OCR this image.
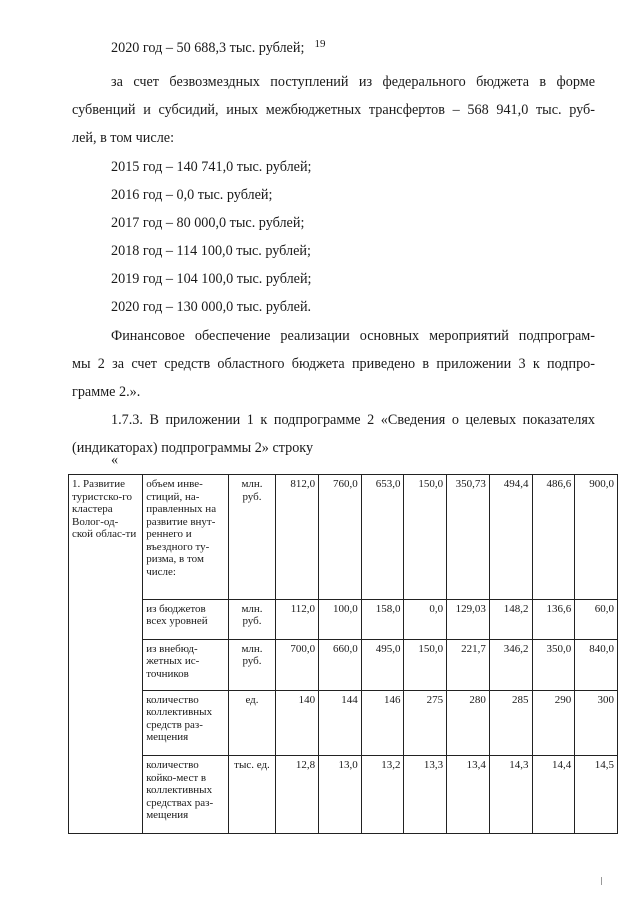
19
2020 год – 50 688,3 тыс. рублей;
за счет безвозмездных поступлений из федерального бюджета в форме
субвенций и субсидий, иных межбюджетных трансфертов – 568 941,0 тыс. руб-
лей, в том числе:
2015 год – 140 741,0 тыс. рублей;
2016 год – 0,0 тыс. рублей;
2017 год – 80 000,0 тыс. рублей;
2018 год – 114 100,0 тыс. рублей;
2019 год – 104 100,0 тыс. рублей;
2020 год – 130 000,0 тыс. рублей.
Финансовое обеспечение реализации основных мероприятий подпрограм-
мы 2 за счет средств областного бюджета приведено в приложении 3 к подпро-
грамме 2.».
1.7.3. В приложении 1 к подпрограмме 2 «Сведения о целевых показателях
(индикаторах) подпрограммы 2» строку
«
1. Развитие туристско-го кластера Волог-од-ской облас-ти	объем инве-стиций, на-правленных на развитие внут-реннего и въездного ту-ризма, в том числе:	млн. руб.	812,0	760,0	653,0	150,0	350,73	494,4	486,6	900,0
	из бюджетов всех уровней	млн. руб.	112,0	100,0	158,0	0,0	129,03	148,2	136,6	60,0
	из внебюд-жетных ис-точников	млн. руб.	700,0	660,0	495,0	150,0	221,7	346,2	350,0	840,0
	количество коллективных средств раз-мещения	ед.	140	144	146	275	280	285	290	300
	количество койко-мест в коллективных средствах раз-мещения	тыс. ед.	12,8	13,0	13,2	13,3	13,4	14,3	14,4	14,5
